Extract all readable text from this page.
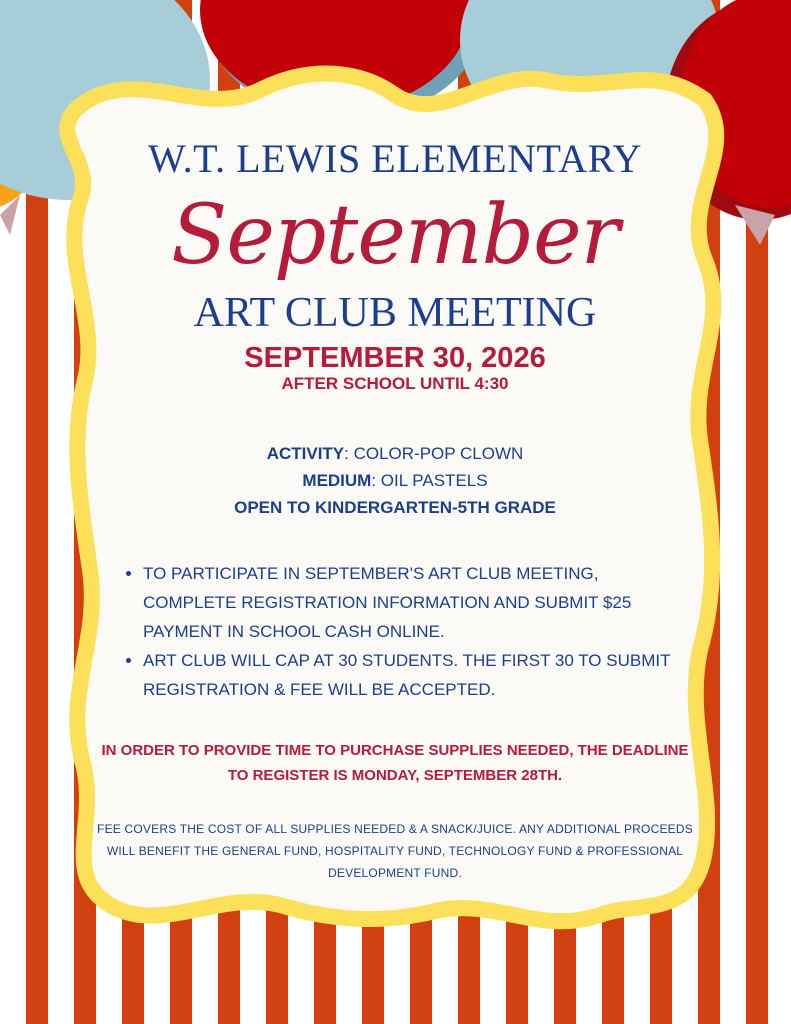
W.T. LEWIS ELEMENTARY
September
ART CLUB MEETING
SEPTEMBER 30, 2026
AFTER SCHOOL UNTIL 4:30
ACTIVITY: COLOR-POP CLOWN
MEDIUM: OIL PASTELS
OPEN TO KINDERGARTEN-5TH GRADE
• TO PARTICIPATE IN SEPTEMBER'S ART CLUB MEETING, COMPLETE REGISTRATION INFORMATION AND SUBMIT $25 PAYMENT IN SCHOOL CASH ONLINE.
• ART CLUB WILL CAP AT 30 STUDENTS. THE FIRST 30 TO SUBMIT REGISTRATION & FEE WILL BE ACCEPTED.
IN ORDER TO PROVIDE TIME TO PURCHASE SUPPLIES NEEDED, THE DEADLINE TO REGISTER IS MONDAY, SEPTEMBER 28TH.
FEE COVERS THE COST OF ALL SUPPLIES NEEDED & A SNACK/JUICE. ANY ADDITIONAL PROCEEDS WILL BENEFIT THE GENERAL FUND, HOSPITALITY FUND, TECHNOLOGY FUND & PROFESSIONAL DEVELOPMENT FUND.
